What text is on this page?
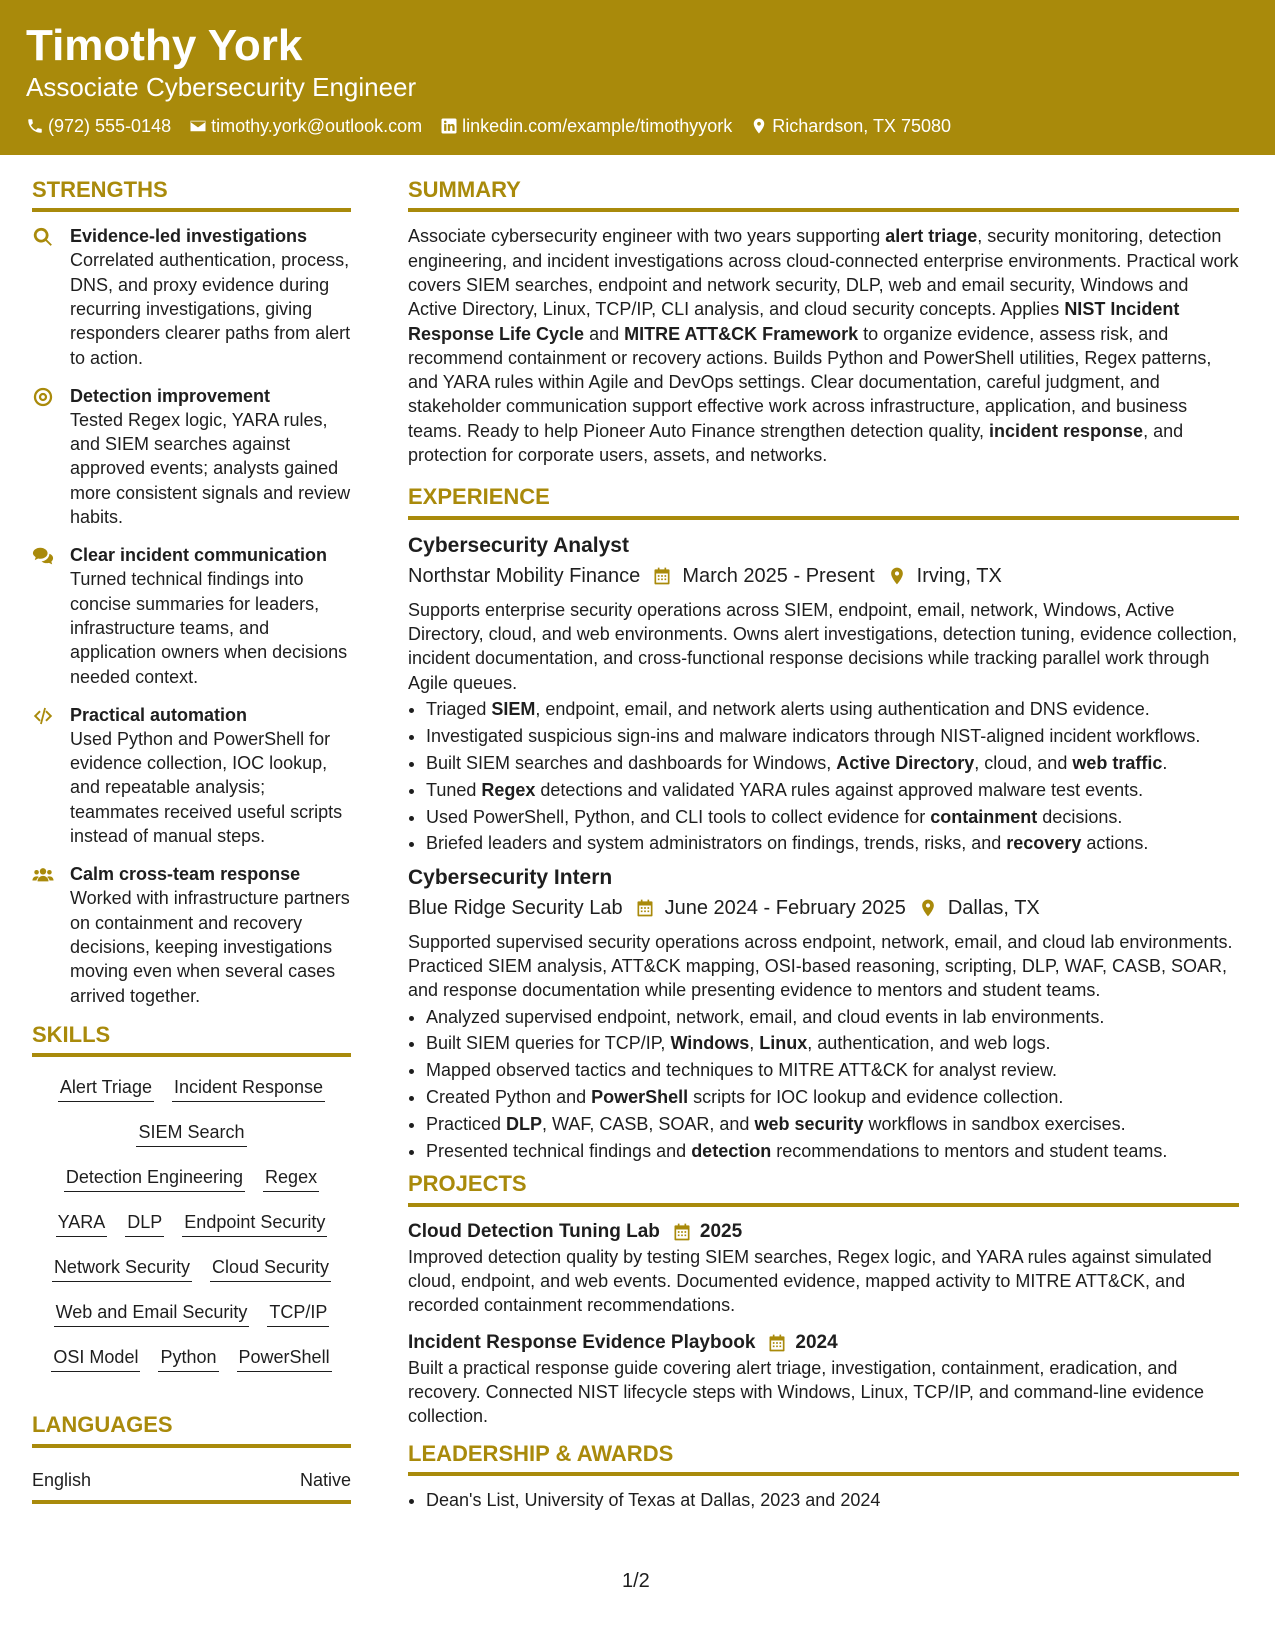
Timothy York
Associate Cybersecurity Engineer
(972) 555-0148 timothy.york@outlook.com linkedin.com/example/timothyyork Richardson, TX 75080
STRENGTHS
Evidence-led investigations
Correlated authentication, process, DNS, and proxy evidence during recurring investigations, giving responders clearer paths from alert to action.
Detection improvement
Tested Regex logic, YARA rules, and SIEM searches against approved events; analysts gained more consistent signals and review habits.
Clear incident communication
Turned technical findings into concise summaries for leaders, infrastructure teams, and application owners when decisions needed context.
Practical automation
Used Python and PowerShell for evidence collection, IOC lookup, and repeatable analysis; teammates received useful scripts instead of manual steps.
Calm cross-team response
Worked with infrastructure partners on containment and recovery decisions, keeping investigations moving even when several cases arrived together.
SKILLS
Alert Triage Incident Response
SIEM Search
Detection Engineering Regex
YARA DLP Endpoint Security
Network Security Cloud Security
Web and Email Security TCP/IP
OSI Model Python PowerShell
LANGUAGES
English	Native
SUMMARY
Associate cybersecurity engineer with two years supporting alert triage, security monitoring, detection engineering, and incident investigations across cloud-connected enterprise environments. Practical work covers SIEM searches, endpoint and network security, DLP, web and email security, Windows and Active Directory, Linux, TCP/IP, CLI analysis, and cloud security concepts. Applies NIST Incident Response Life Cycle and MITRE ATT&CK Framework to organize evidence, assess risk, and recommend containment or recovery actions. Builds Python and PowerShell utilities, Regex patterns, and YARA rules within Agile and DevOps settings. Clear documentation, careful judgment, and stakeholder communication support effective work across infrastructure, application, and business teams. Ready to help Pioneer Auto Finance strengthen detection quality, incident response, and protection for corporate users, assets, and networks.
EXPERIENCE
Cybersecurity Analyst
Northstar Mobility Finance March 2025 - Present Irving, TX
Supports enterprise security operations across SIEM, endpoint, email, network, Windows, Active Directory, cloud, and web environments. Owns alert investigations, detection tuning, evidence collection, incident documentation, and cross-functional response decisions while tracking parallel work through Agile queues.
• Triaged SIEM, endpoint, email, and network alerts using authentication and DNS evidence.
• Investigated suspicious sign-ins and malware indicators through NIST-aligned incident workflows.
• Built SIEM searches and dashboards for Windows, Active Directory, cloud, and web traffic.
• Tuned Regex detections and validated YARA rules against approved malware test events.
• Used PowerShell, Python, and CLI tools to collect evidence for containment decisions.
• Briefed leaders and system administrators on findings, trends, risks, and recovery actions.
Cybersecurity Intern
Blue Ridge Security Lab June 2024 - February 2025 Dallas, TX
Supported supervised security operations across endpoint, network, email, and cloud lab environments. Practiced SIEM analysis, ATT&CK mapping, OSI-based reasoning, scripting, DLP, WAF, CASB, SOAR, and response documentation while presenting evidence to mentors and student teams.
• Analyzed supervised endpoint, network, email, and cloud events in lab environments.
• Built SIEM queries for TCP/IP, Windows, Linux, authentication, and web logs.
• Mapped observed tactics and techniques to MITRE ATT&CK for analyst review.
• Created Python and PowerShell scripts for IOC lookup and evidence collection.
• Practiced DLP, WAF, CASB, SOAR, and web security workflows in sandbox exercises.
• Presented technical findings and detection recommendations to mentors and student teams.
PROJECTS
Cloud Detection Tuning Lab 2025
Improved detection quality by testing SIEM searches, Regex logic, and YARA rules against simulated cloud, endpoint, and web events. Documented evidence, mapped activity to MITRE ATT&CK, and recorded containment recommendations.
Incident Response Evidence Playbook 2024
Built a practical response guide covering alert triage, investigation, containment, eradication, and recovery. Connected NIST lifecycle steps with Windows, Linux, TCP/IP, and command-line evidence collection.
LEADERSHIP & AWARDS
• Dean's List, University of Texas at Dallas, 2023 and 2024
1/2
